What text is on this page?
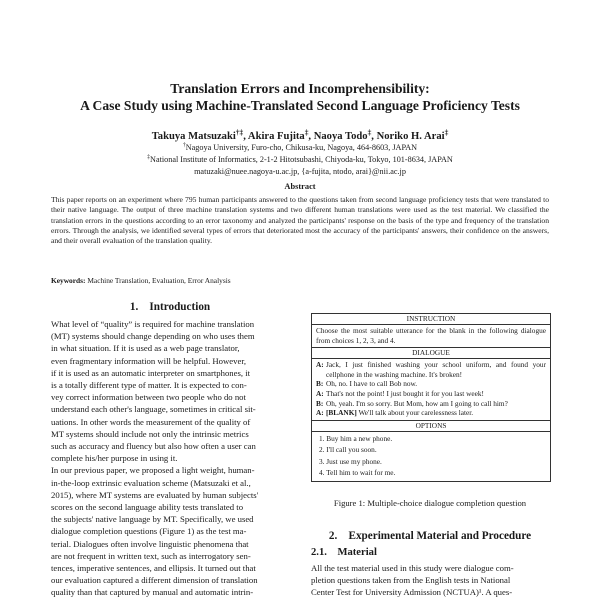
Translation Errors and Incomprehensibility:
A Case Study using Machine-Translated Second Language Proficiency Tests
Takuya Matsuzaki†‡, Akira Fujita‡, Naoya Todo‡, Noriko H. Arai‡
†Nagoya University, Furo-cho, Chikusa-ku, Nagoya, 464-8603, JAPAN
‡National Institute of Informatics, 2-1-2 Hitotsubashi, Chiyoda-ku, Tokyo, 101-8634, JAPAN
matuzaki@nuee.nagoya-u.ac.jp, {a-fujita, ntodo, arai}@nii.ac.jp
Abstract
This paper reports on an experiment where 795 human participants answered to the questions taken from second language proficiency tests that were translated to their native language. The output of three machine translation systems and two different human translations were used as the test material. We classified the translation errors in the questions according to an error taxonomy and analyzed the participants' response on the basis of the type and frequency of the translation errors. Through the analysis, we identified several types of errors that deteriorated most the accuracy of the participants' answers, their confidence on the answers, and their overall evaluation of the translation quality.
Keywords: Machine Translation, Evaluation, Error Analysis
1.    Introduction

What level of “quality” is required for machine translation
(MT) systems should change depending on who uses them
in what situation. If it is used as a web page translator,
even fragmentary information will be helpful. However,
if it is used as an automatic interpreter on smartphones, it
is a totally different type of matter. It is expected to con-
vey correct information between two people who do not
understand each other's language, sometimes in critical sit-
uations. In other words the measurement of the quality of
MT systems should include not only the intrinsic metrics
such as accuracy and fluency but also how often a user can
complete his/her purpose in using it.

In our previous paper, we proposed a light weight, human-
in-the-loop extrinsic evaluation scheme (Matsuzaki et al.,
2015), where MT systems are evaluated by human subjects'
scores on the second language ability tests translated to
the subjects' native language by MT. Specifically, we used
dialogue completion questions (Figure 1) as the test ma-
terial. Dialogues often involve linguistic phenomena that
are not frequent in written text, such as interrogatory sen-
tences, imperative sentences, and ellipsis. It turned out that
our evaluation captured a different dimension of translation
quality than that captured by manual and automatic intrin-

INSTRUCTION
Choose the most suitable utterance for the blank in the following dialogue from choices 1, 2, 3, and 4.
DIALOGUE
A: Jack, I just finished washing your school uniform, and found your cellphone in the washing machine. It's broken!
B: Oh, no. I have to call Bob now.
A: That's not the point! I just bought it for you last week!
B: Oh, yeah. I'm so sorry. But Mom, how am I going to call him?
A: [BLANK] We'll talk about your carelessness later.
OPTIONS
1. Buy him a new phone.
2. I'll call you soon.
3. Just use my phone.
4. Tell him to wait for me.
Figure 1: Multiple-choice dialogue completion question
2.    Experimental Material and Procedure
2.1.    Material
All the test material used in this study were dialogue com-
pletion questions taken from the English tests in National
Center Test for University Admission (NCTUA)¹. A ques-
